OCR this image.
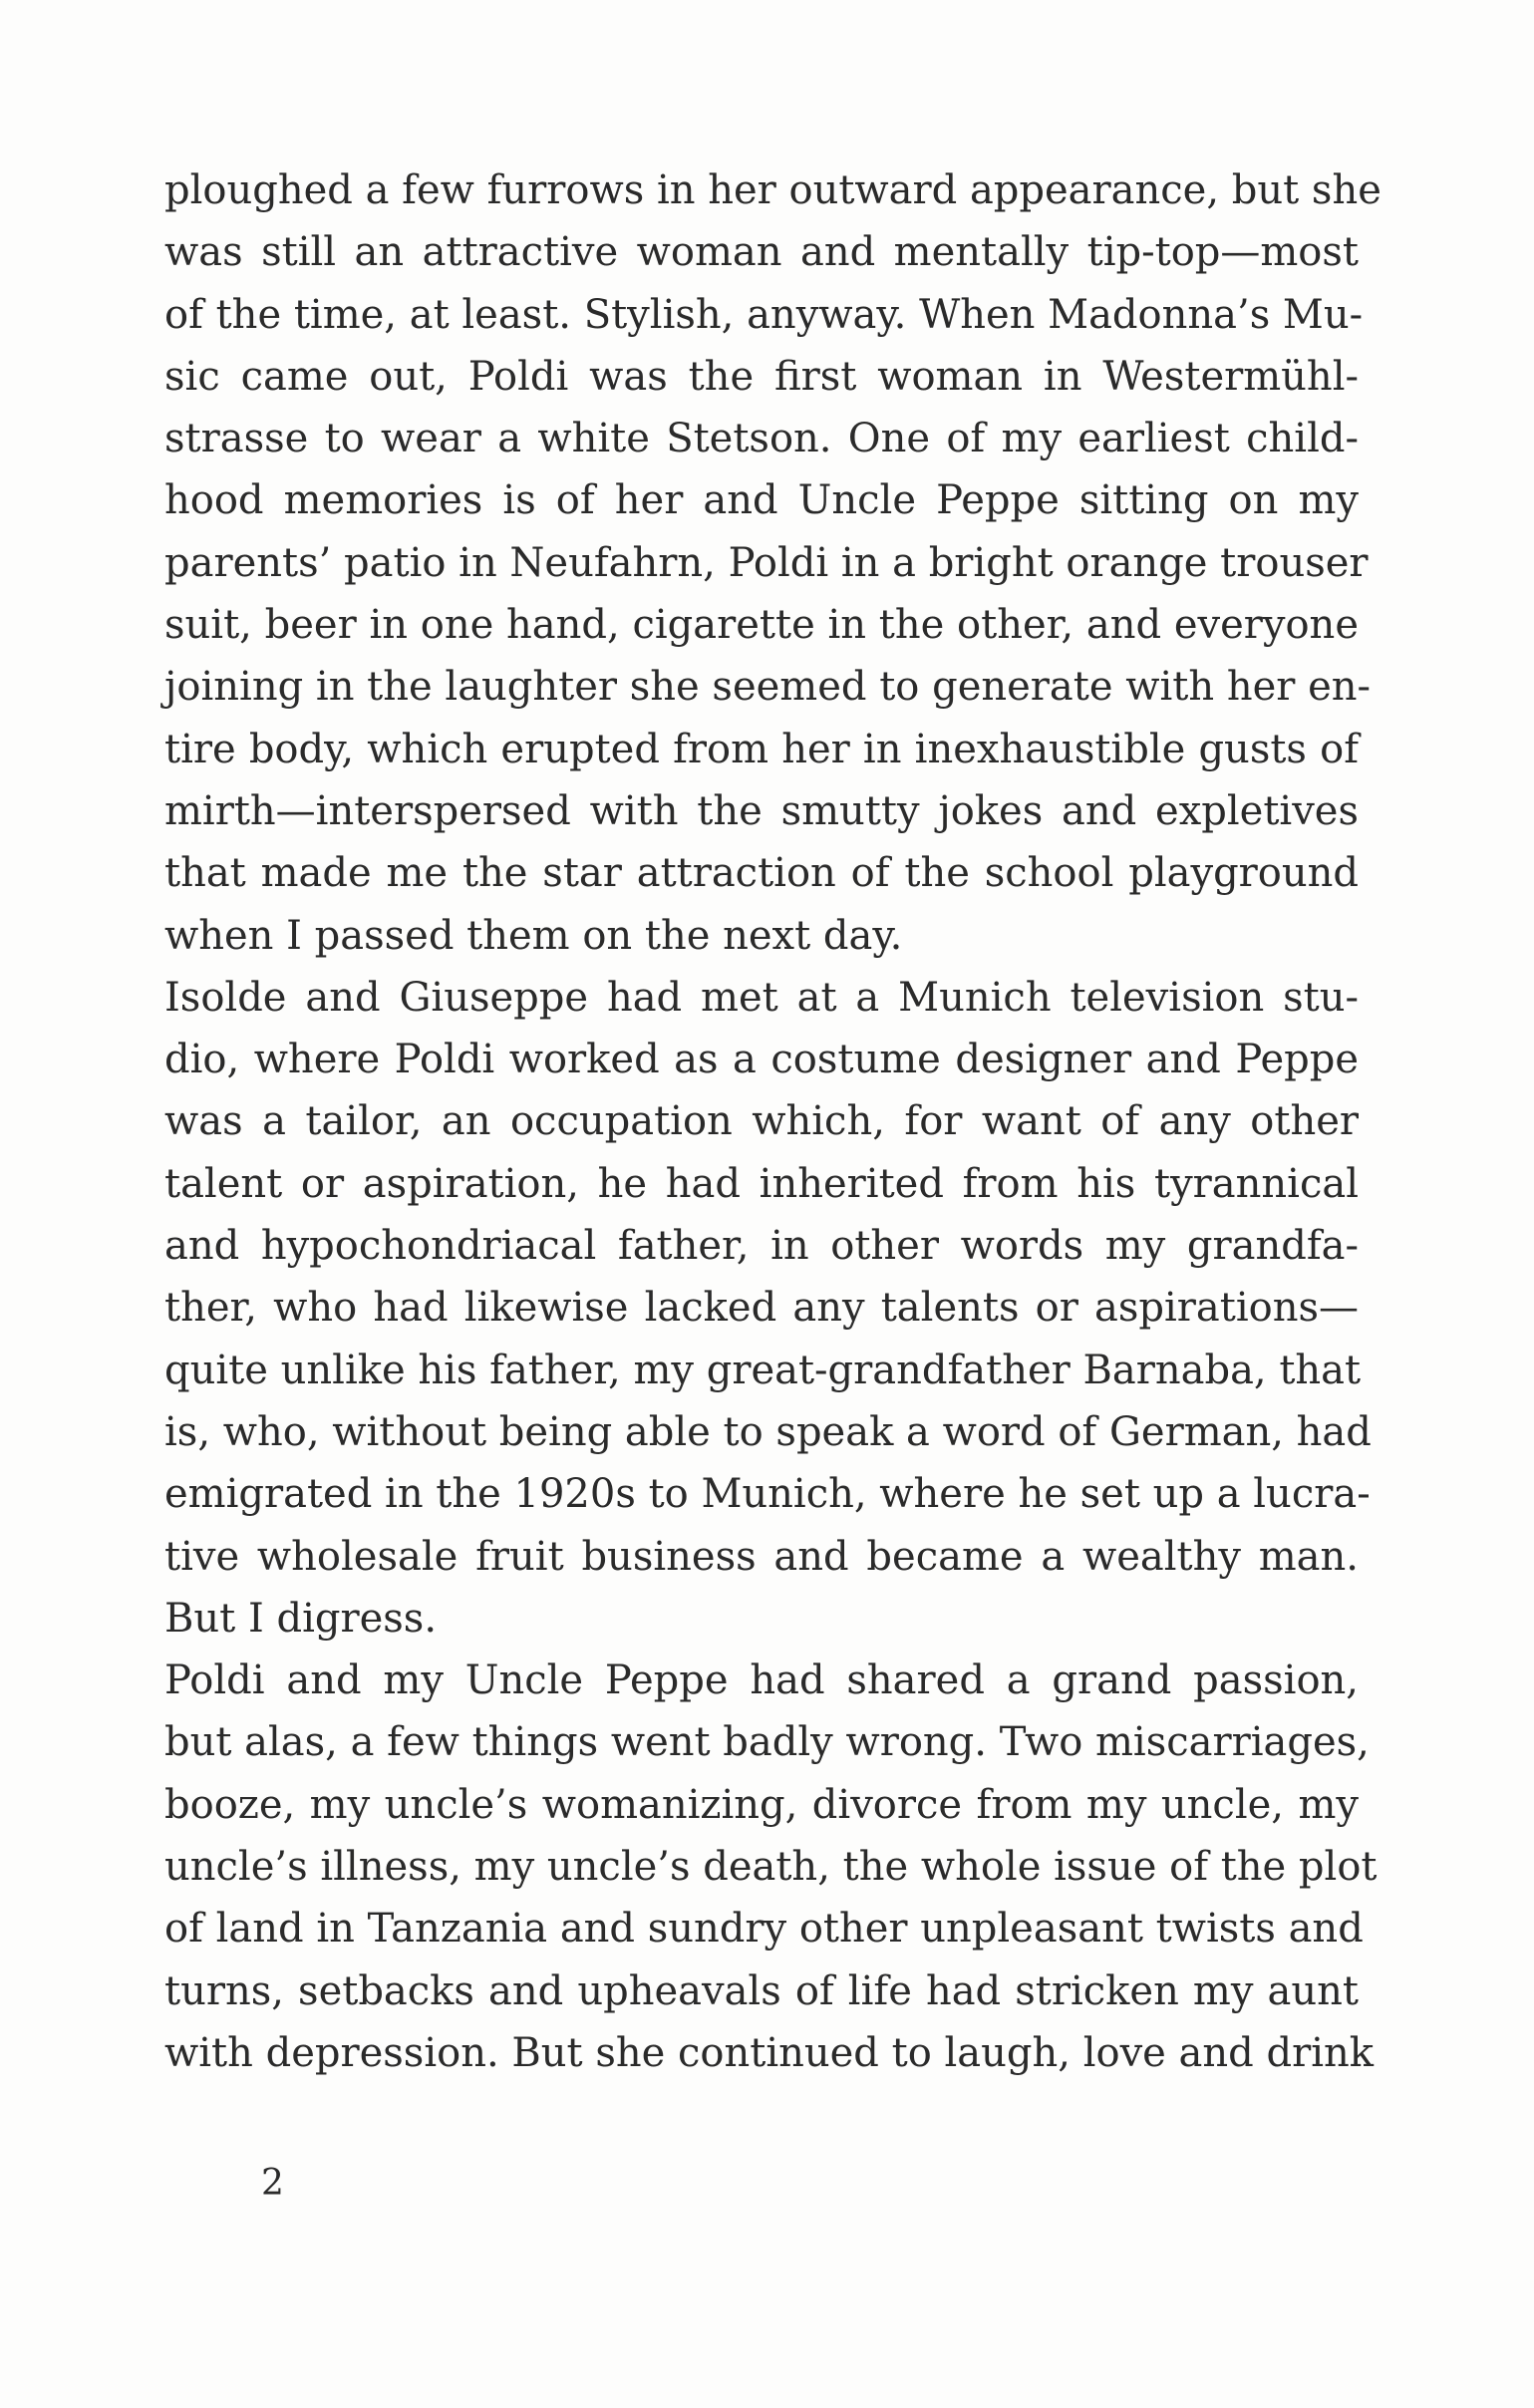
ploughed a few furrows in her outward appearance, but she
was still an attractive woman and mentally tip-top—most
of the time, at least. Stylish, anyway. When Madonna’s Mu-
sic came out, Poldi was the first woman in Westermühl-
strasse to wear a white Stetson. One of my earliest child-
hood memories is of her and Uncle Peppe sitting on my
parents’ patio in Neufahrn, Poldi in a bright orange trouser
suit, beer in one hand, cigarette in the other, and everyone
joining in the laughter she seemed to generate with her en-
tire body, which erupted from her in inexhaustible gusts of
mirth—interspersed with the smutty jokes and expletives
that made me the star attraction of the school playground
when I passed them on the next day.
Isolde and Giuseppe had met at a Munich television stu-
dio, where Poldi worked as a costume designer and Peppe
was a tailor, an occupation which, for want of any other
talent or aspiration, he had inherited from his tyrannical
and hypochondriacal father, in other words my grandfa-
ther, who had likewise lacked any talents or aspirations—
quite unlike his father, my great-grandfather Barnaba, that
is, who, without being able to speak a word of German, had
emigrated in the 1920s to Munich, where he set up a lucra-
tive wholesale fruit business and became a wealthy man.
But I digress.
Poldi and my Uncle Peppe had shared a grand passion,
but alas, a few things went badly wrong. Two miscarriages,
booze, my uncle’s womanizing, divorce from my uncle, my
uncle’s illness, my uncle’s death, the whole issue of the plot
of land in Tanzania and sundry other unpleasant twists and
turns, setbacks and upheavals of life had stricken my aunt
with depression. But she continued to laugh, love and drink
2
